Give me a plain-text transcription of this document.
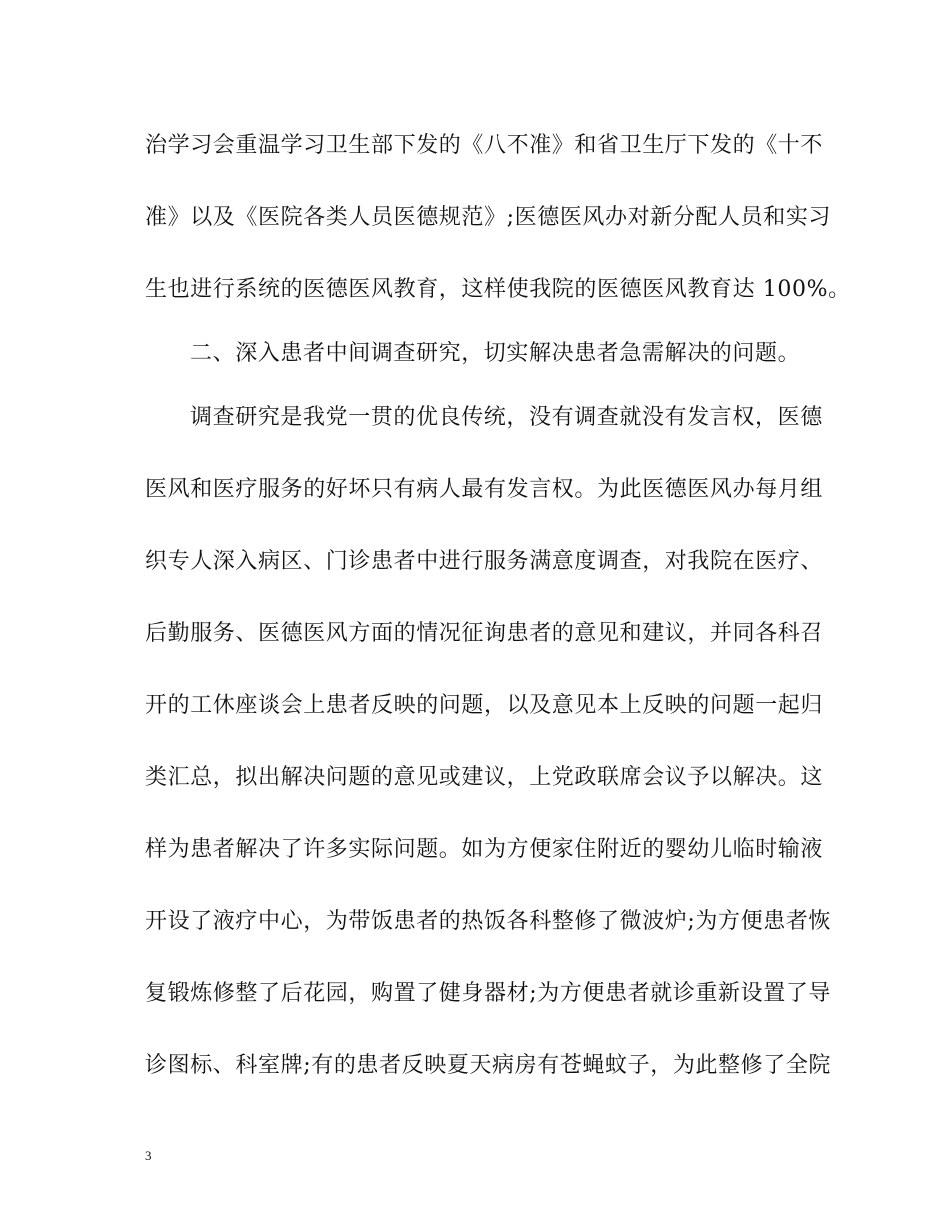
治学习会重温学习卫生部下发的《八不准》和省卫生厅下发的《十不
准》以及《医院各类人员医德规范》;医德医风办对新分配人员和实习
生也进行系统的医德医风教育，这样使我院的医德医风教育达 100%。
二、深入患者中间调查研究，切实解决患者急需解决的问题。
调查研究是我党一贯的优良传统，没有调查就没有发言权，医德
医风和医疗服务的好坏只有病人最有发言权。为此医德医风办每月组
织专人深入病区、门诊患者中进行服务满意度调查，对我院在医疗、
后勤服务、医德医风方面的情况征询患者的意见和建议，并同各科召
开的工休座谈会上患者反映的问题，以及意见本上反映的问题一起归
类汇总，拟出解决问题的意见或建议，上党政联席会议予以解决。这
样为患者解决了许多实际问题。如为方便家住附近的婴幼儿临时输液
开设了液疗中心，为带饭患者的热饭各科整修了微波炉;为方便患者恢
复锻炼修整了后花园，购置了健身器材;为方便患者就诊重新设置了导
诊图标、科室牌;有的患者反映夏天病房有苍蝇蚊子，为此整修了全院
3
